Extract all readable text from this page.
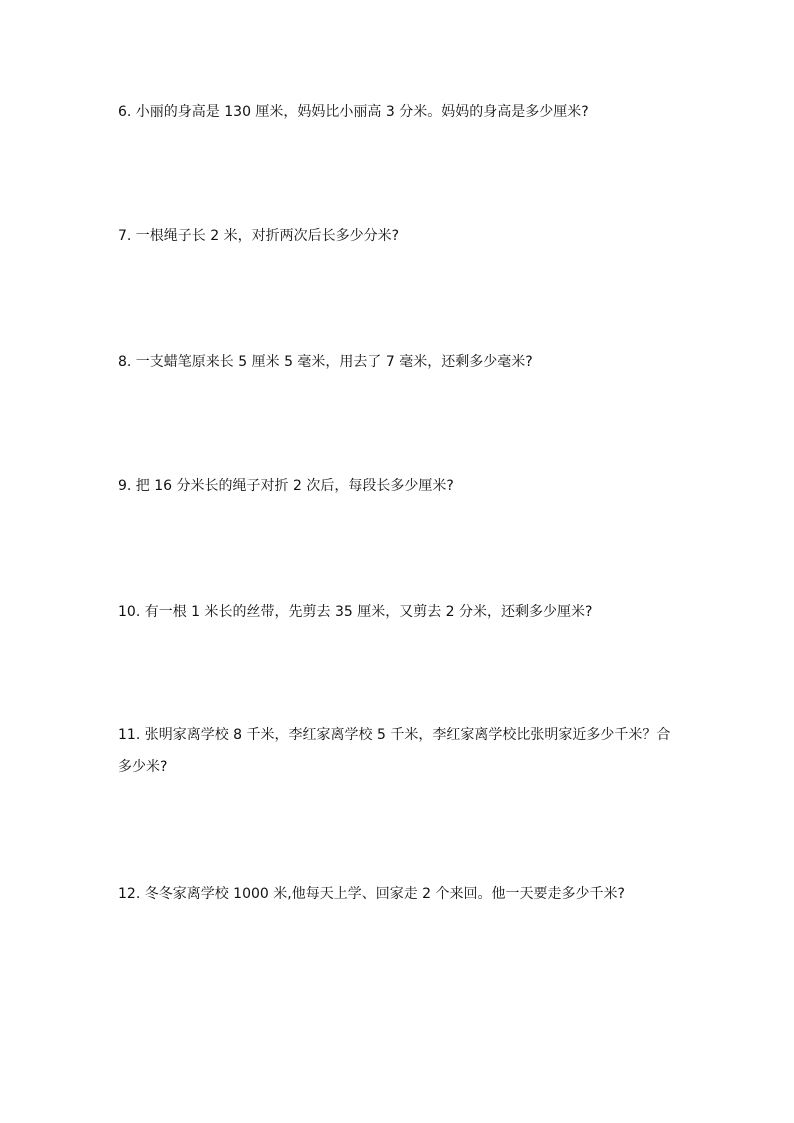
6. 小丽的身高是 130 厘米，妈妈比小丽高 3 分米。妈妈的身高是多少厘米?
7. 一根绳子长 2 米，对折两次后长多少分米?
8. 一支蜡笔原来长 5 厘米 5 毫米，用去了 7 毫米，还剩多少毫米?
9. 把 16 分米长的绳子对折 2 次后，每段长多少厘米?
10. 有一根 1 米长的丝带，先剪去 35 厘米，又剪去 2 分米，还剩多少厘米?
11. 张明家离学校 8 千米，李红家离学校 5 千米，李红家离学校比张明家近多少千米？合多少米?
12. 冬冬家离学校 1000 米,他每天上学、回家走 2 个来回。他一天要走多少千米?
